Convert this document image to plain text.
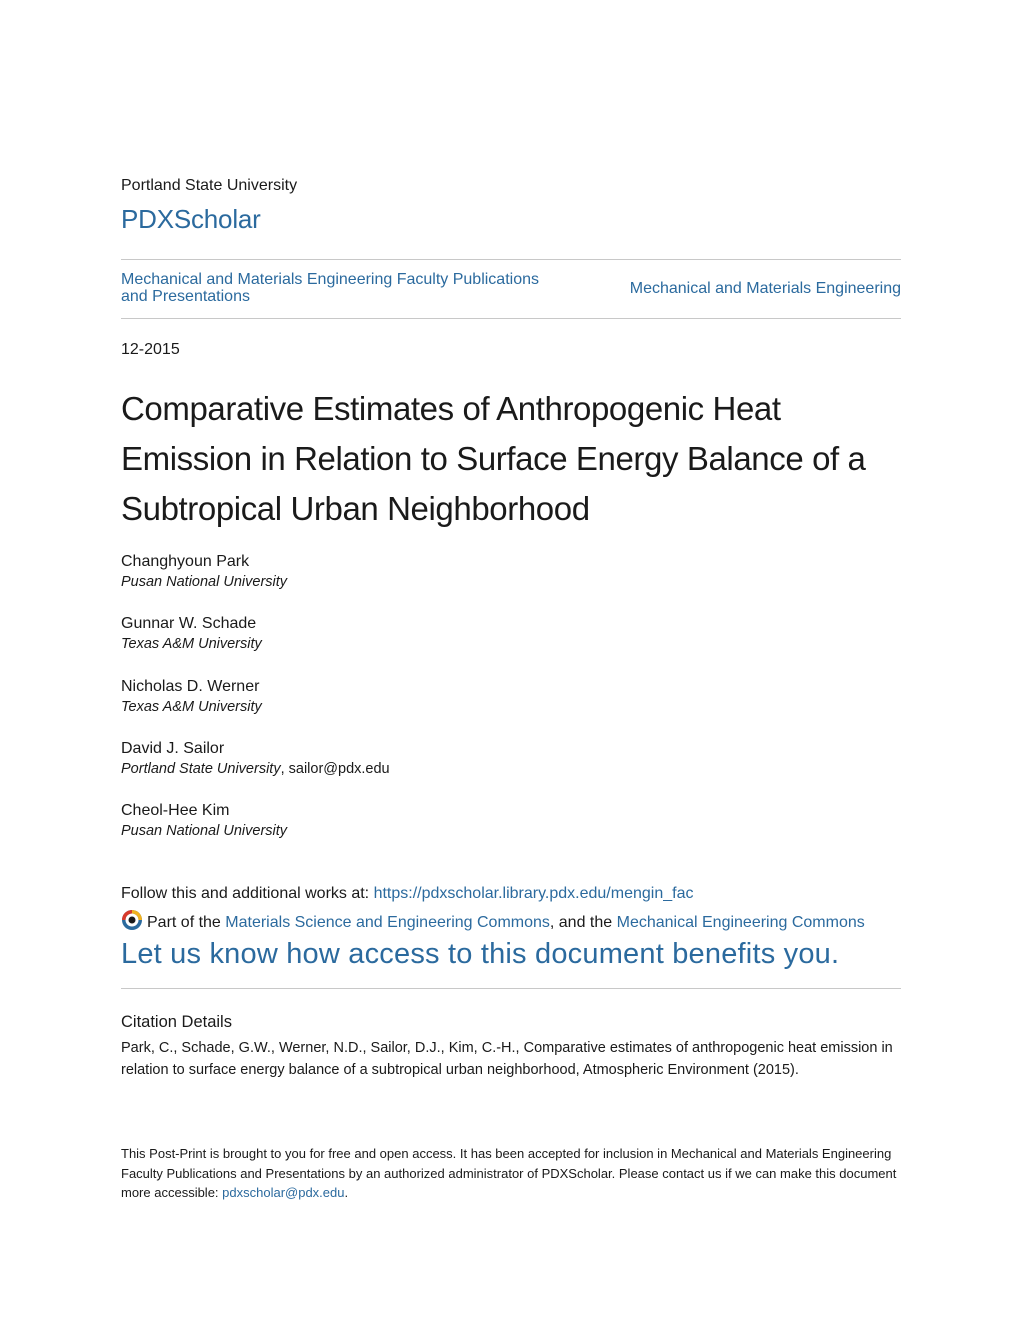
Portland State University
PDXScholar
Mechanical and Materials Engineering Faculty Publications and Presentations	Mechanical and Materials Engineering
12-2015
Comparative Estimates of Anthropogenic Heat Emission in Relation to Surface Energy Balance of a Subtropical Urban Neighborhood
Changhyoun Park
Pusan National University
Gunnar W. Schade
Texas A&M University
Nicholas D. Werner
Texas A&M University
David J. Sailor
Portland State University, sailor@pdx.edu
Cheol-Hee Kim
Pusan National University
Follow this and additional works at: https://pdxscholar.library.pdx.edu/mengin_fac
Part of the
Materials Science and Engineering Commons , and the
Mechanical Engineering Commons
Let us know how access to this document benefits you.
Citation Details
Park, C., Schade, G.W., Werner, N.D., Sailor, D.J., Kim, C.-H., Comparative estimates of anthropogenic heat emission in relation to surface energy balance of a subtropical urban neighborhood, Atmospheric Environment (2015).
This Post-Print is brought to you for free and open access. It has been accepted for inclusion in Mechanical and Materials Engineering Faculty Publications and Presentations by an authorized administrator of PDXScholar. Please contact us if we can make this document more accessible: pdxscholar@pdx.edu.
